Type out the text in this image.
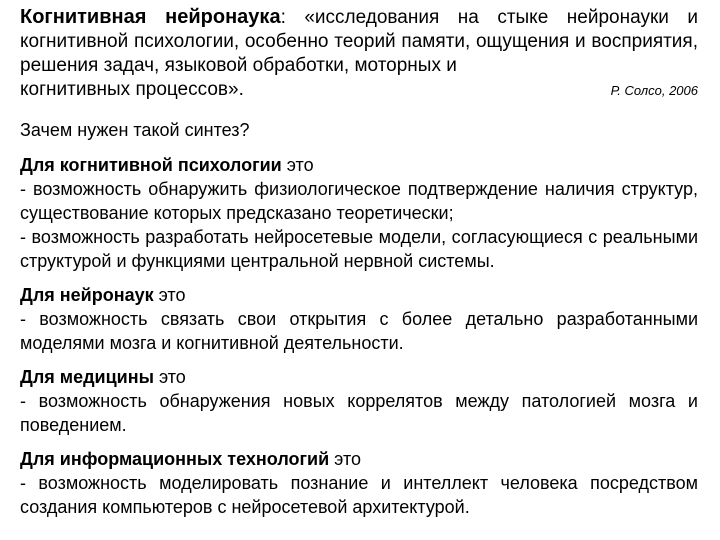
Когнитивная нейронаука: «исследования на стыке нейронауки и когнитивной психологии, особенно теорий памяти, ощущения и восприятия, решения задач, языковой обработки, моторных и

когнитивных процессов».	Р. Солсо, 2006

Зачем нужен такой синтез?

Для когнитивной психологии это

- возможность обнаружить физиологическое подтверждение наличия структур, существование которых предсказано теоретически;

- возможность разработать нейросетевые модели, согласующиеся с реальными структурой и функциями центральной нервной системы.

Для нейронаук это

- возможность связать свои открытия с более детально разработанными моделями мозга и когнитивной деятельности.

Для медицины это

- возможность обнаружения новых коррелятов между патологией мозга и поведением.

Для информационных технологий это

- возможность моделировать познание и интеллект человека посредством создания компьютеров с нейросетевой архитектурой.
